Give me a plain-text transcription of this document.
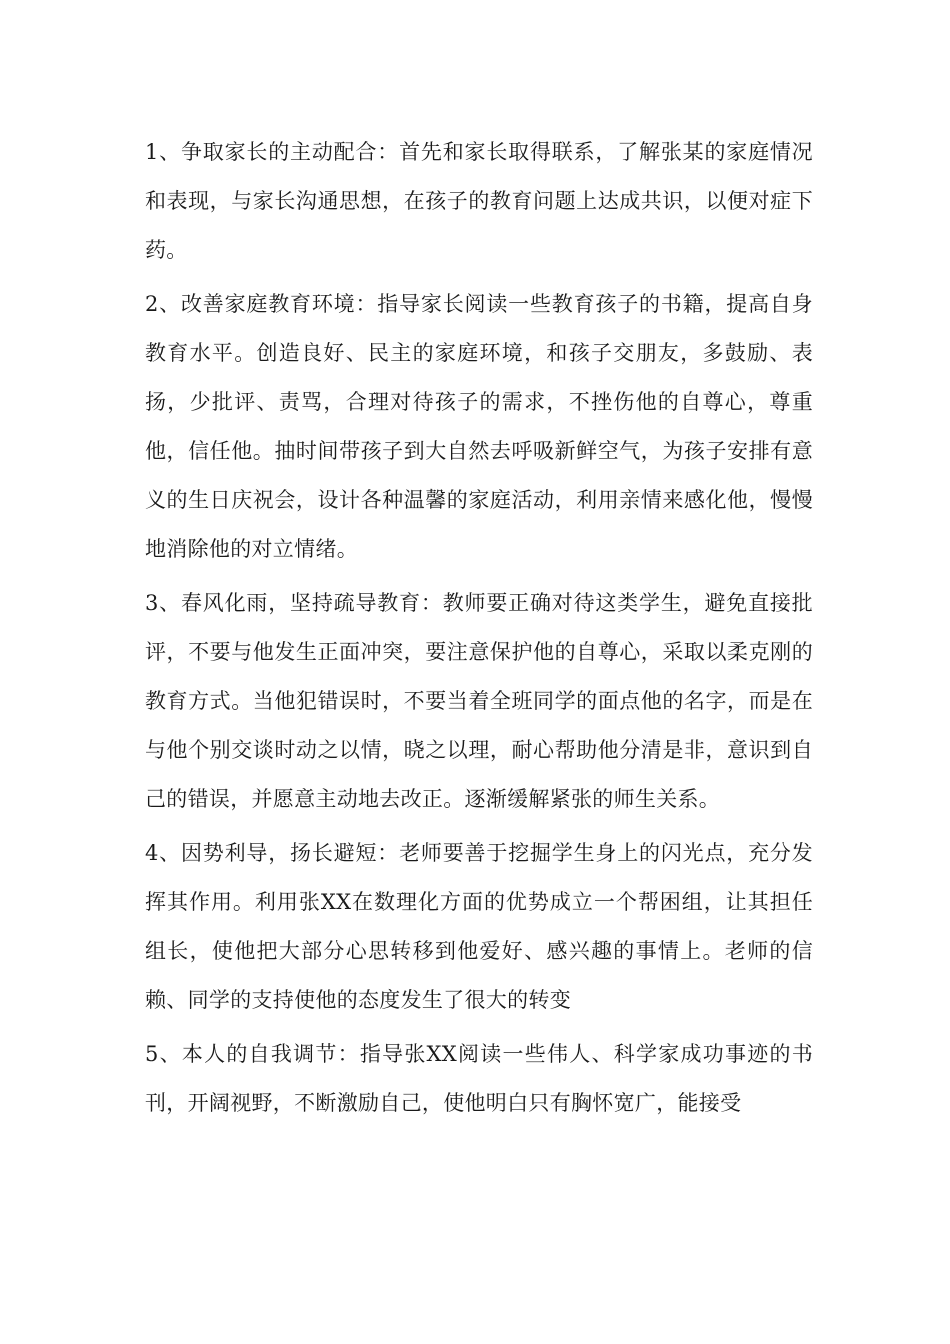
1、争取家长的主动配合：首先和家长取得联系，了解张某的家庭情况和表现，与家长沟通思想，在孩子的教育问题上达成共识，以便对症下药。

2、改善家庭教育环境：指导家长阅读一些教育孩子的书籍，提高自身教育水平。创造良好、民主的家庭环境，和孩子交朋友，多鼓励、表扬，少批评、责骂，合理对待孩子的需求，不挫伤他的自尊心，尊重他，信任他。抽时间带孩子到大自然去呼吸新鲜空气，为孩子安排有意义的生日庆祝会，设计各种温馨的家庭活动，利用亲情来感化他，慢慢地消除他的对立情绪。

3、春风化雨，坚持疏导教育：教师要正确对待这类学生，避免直接批评，不要与他发生正面冲突，要注意保护他的自尊心，采取以柔克刚的教育方式。当他犯错误时，不要当着全班同学的面点他的名字，而是在与他个别交谈时动之以情，晓之以理，耐心帮助他分清是非，意识到自己的错误，并愿意主动地去改正。逐渐缓解紧张的师生关系。

4、因势利导，扬长避短：老师要善于挖掘学生身上的闪光点，充分发挥其作用。利用张XX在数理化方面的优势成立一个帮困组，让其担任组长，使他把大部分心思转移到他爱好、感兴趣的事情上。老师的信赖、同学的支持使他的态度发生了很大的转变

5、本人的自我调节：指导张XX阅读一些伟人、科学家成功事迹的书刊，开阔视野，不断激励自己，使他明白只有胸怀宽广，能接受
